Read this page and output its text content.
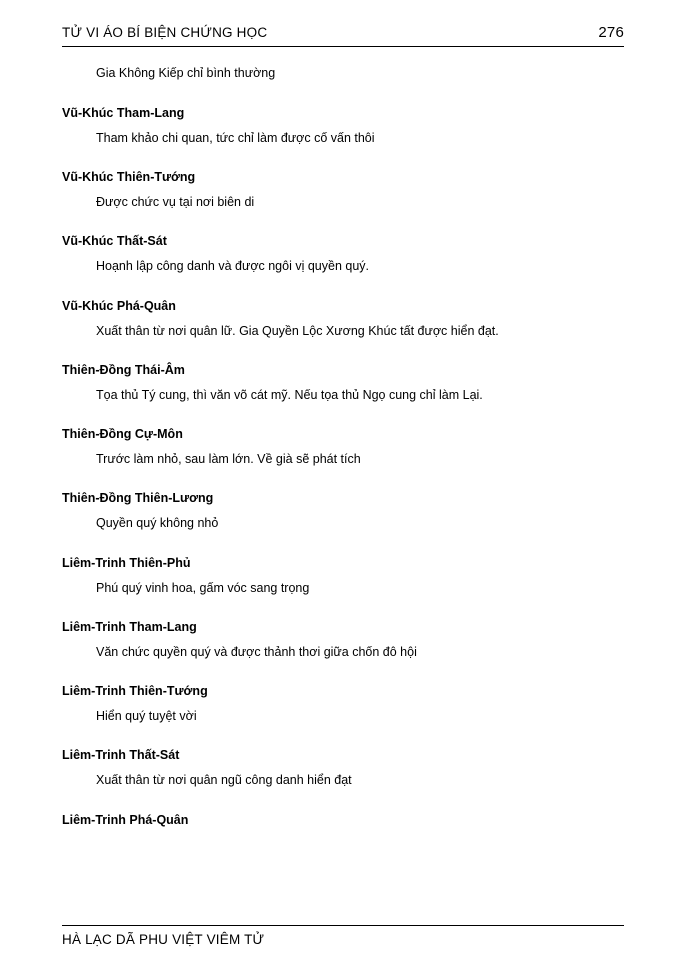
TỬ VI ÁO BÍ BIỆN CHỨNG HỌC	276

Gia Không Kiếp chỉ bình thường

Vũ-Khúc Tham-Lang

Tham khảo chi quan, tức chỉ làm được cố vấn thôi

Vũ-Khúc Thiên-Tướng

Được chức vụ tại nơi biên di

Vũ-Khúc Thất-Sát

Hoạnh lập công danh và được ngôi vị quyền quý.

Vũ-Khúc Phá-Quân

Xuất thân từ nơi quân lữ. Gia Quyền Lộc Xương Khúc tất được hiển đạt.

Thiên-Đồng Thái-Âm

Tọa thủ Tý cung, thì văn võ cát mỹ. Nếu tọa thủ Ngọ cung chỉ làm Lại.

Thiên-Đồng Cự-Môn

Trước làm nhỏ, sau làm lớn. Về già sẽ phát tích

Thiên-Đồng Thiên-Lương

Quyền quý không nhỏ

Liêm-Trinh Thiên-Phủ

Phú quý vinh hoa, gấm vóc sang trọng

Liêm-Trinh Tham-Lang

Văn chức quyền quý và được thảnh thơi giữa chốn đô hội

Liêm-Trinh Thiên-Tướng

Hiển quý tuyệt vời

Liêm-Trinh Thất-Sát

Xuất thân từ nơi quân ngũ công danh hiển đạt

Liêm-Trinh Phá-Quân

HÀ LẠC DÃ PHU VIỆT VIÊM TỬ
